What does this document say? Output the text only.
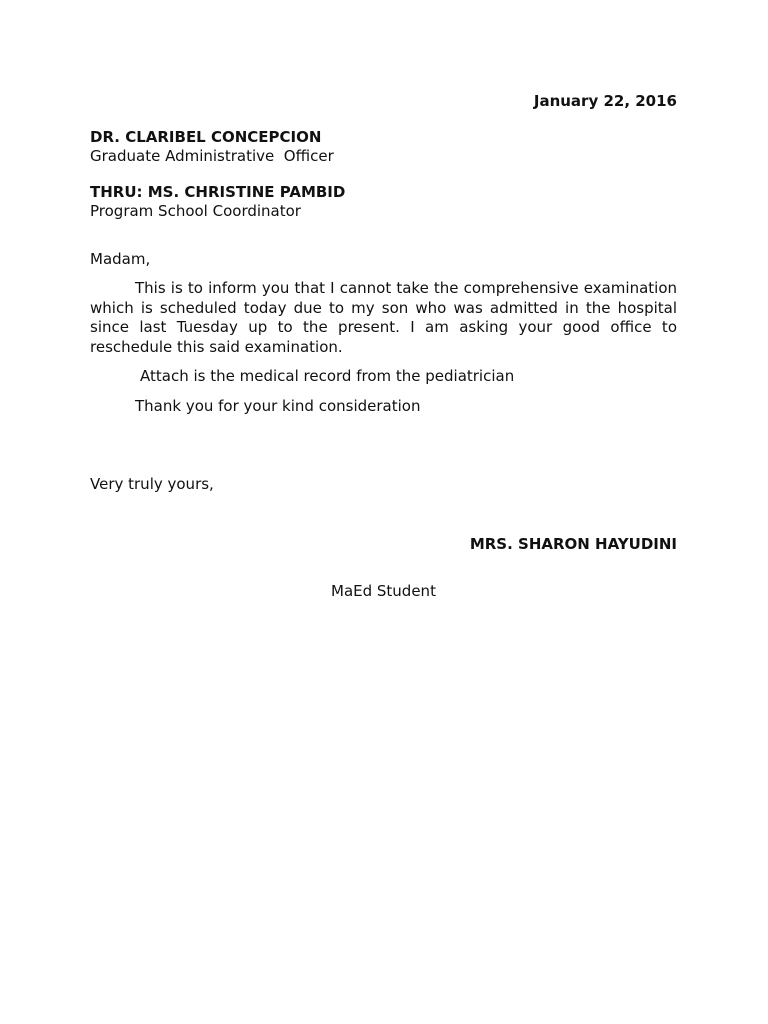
January 22, 2016
DR. CLARIBEL CONCEPCION
Graduate Administrative  Officer
THRU: MS. CHRISTINE PAMBID
Program School Coordinator
Madam,
This is to inform you that I cannot take the comprehensive examination which is scheduled today due to my son who was admitted in the hospital since last Tuesday up to the present. I am asking your good office to reschedule this said examination.
Attach is the medical record from the pediatrician
Thank you for your kind consideration
Very truly yours,
MRS. SHARON HAYUDINI
MaEd Student
